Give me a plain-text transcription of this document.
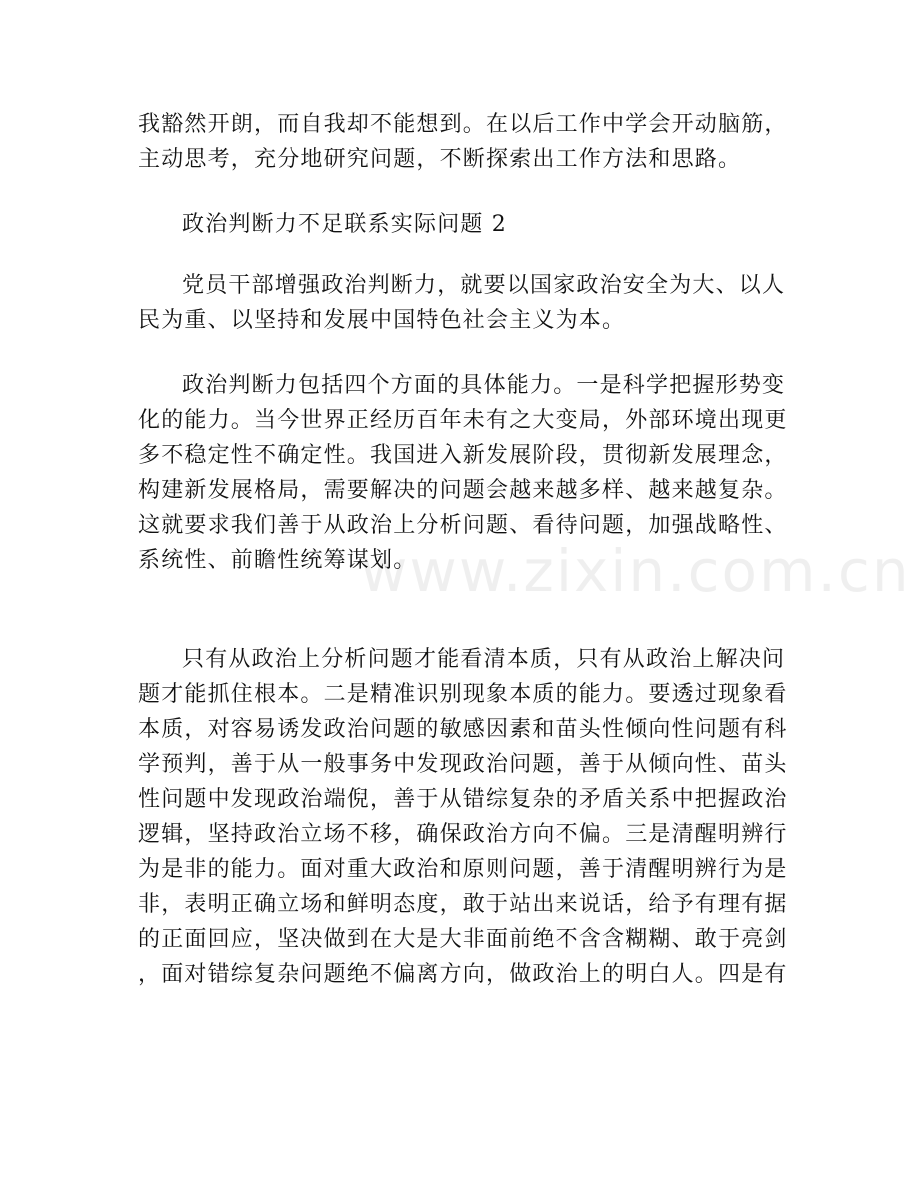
www.zixin.com.cn
我豁然开朗，而自我却不能想到。在以后工作中学会开动脑筋，
主动思考，充分地研究问题，不断探索出工作方法和思路。
政治判断力不足联系实际问题 2
党员干部增强政治判断力，就要以国家政治安全为大、以人
民为重、以坚持和发展中国特色社会主义为本。
政治判断力包括四个方面的具体能力。一是科学把握形势变
化的能力。当今世界正经历百年未有之大变局，外部环境出现更
多不稳定性不确定性。我国进入新发展阶段，贯彻新发展理念，
构建新发展格局，需要解决的问题会越来越多样、越来越复杂。
这就要求我们善于从政治上分析问题、看待问题，加强战略性、
系统性、前瞻性统筹谋划。
只有从政治上分析问题才能看清本质，只有从政治上解决问
题才能抓住根本。二是精准识别现象本质的能力。要透过现象看
本质，对容易诱发政治问题的敏感因素和苗头性倾向性问题有科
学预判，善于从一般事务中发现政治问题，善于从倾向性、苗头
性问题中发现政治端倪，善于从错综复杂的矛盾关系中把握政治
逻辑，坚持政治立场不移，确保政治方向不偏。三是清醒明辨行
为是非的能力。面对重大政治和原则问题，善于清醒明辨行为是
非，表明正确立场和鲜明态度，敢于站出来说话，给予有理有据
的正面回应，坚决做到在大是大非面前绝不含含糊糊、敢于亮剑
，面对错综复杂问题绝不偏离方向，做政治上的明白人。四是有
